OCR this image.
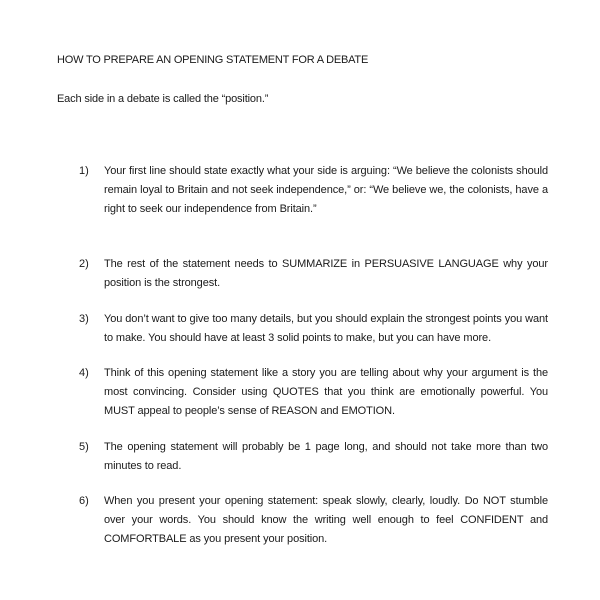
HOW TO PREPARE AN OPENING STATEMENT FOR A DEBATE
Each side in a debate is called the “position.”
1) Your first line should state exactly what your side is arguing: “We believe the colonists should remain loyal to Britain and not seek independence,” or: “We believe we, the colonists, have a right to seek our independence from Britain.”
2) The rest of the statement needs to SUMMARIZE in PERSUASIVE LANGUAGE why your position is the strongest.
3) You don’t want to give too many details, but you should explain the strongest points you want to make. You should have at least 3 solid points to make, but you can have more.
4) Think of this opening statement like a story you are telling about why your argument is the most convincing. Consider using QUOTES that you think are emotionally powerful. You MUST appeal to people’s sense of REASON and EMOTION.
5) The opening statement will probably be 1 page long, and should not take more than two minutes to read.
6) When you present your opening statement: speak slowly, clearly, loudly. Do NOT stumble over your words. You should know the writing well enough to feel CONFIDENT and COMFORTBALE as you present your position.
